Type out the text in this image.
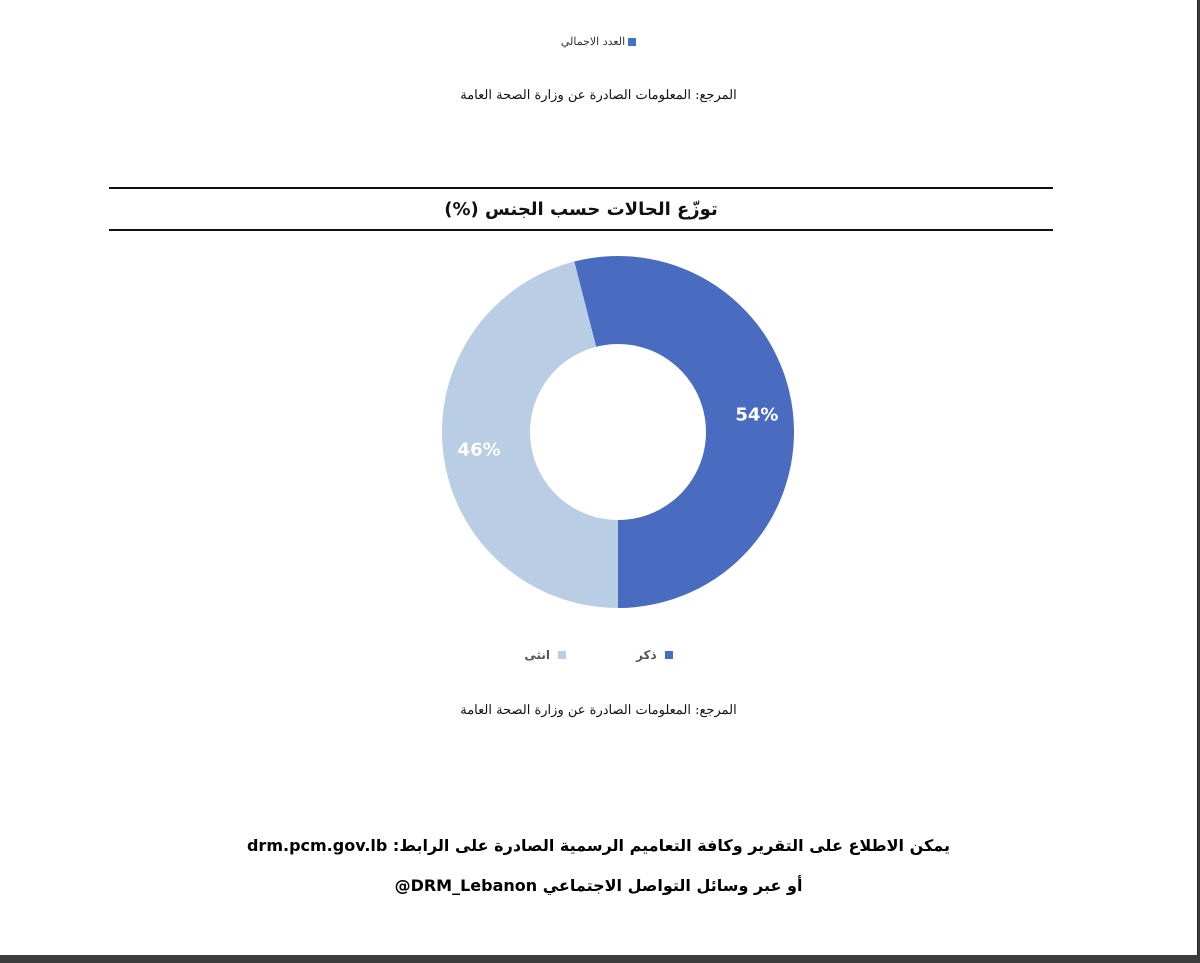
العدد الاجمالي
المرجع: المعلومات الصادرة عن وزارة الصحة العامة
توزّع الحالات حسب الجنس (%)
54%
46%
ذكر
انثى
المرجع: المعلومات الصادرة عن وزارة الصحة العامة
يمكن الاطلاع على التقرير وكافة التعاميم الرسمية الصادرة على الرابط: drm.pcm.gov.lb
أو عبر وسائل التواصل الاجتماعي DRM_Lebanon@
